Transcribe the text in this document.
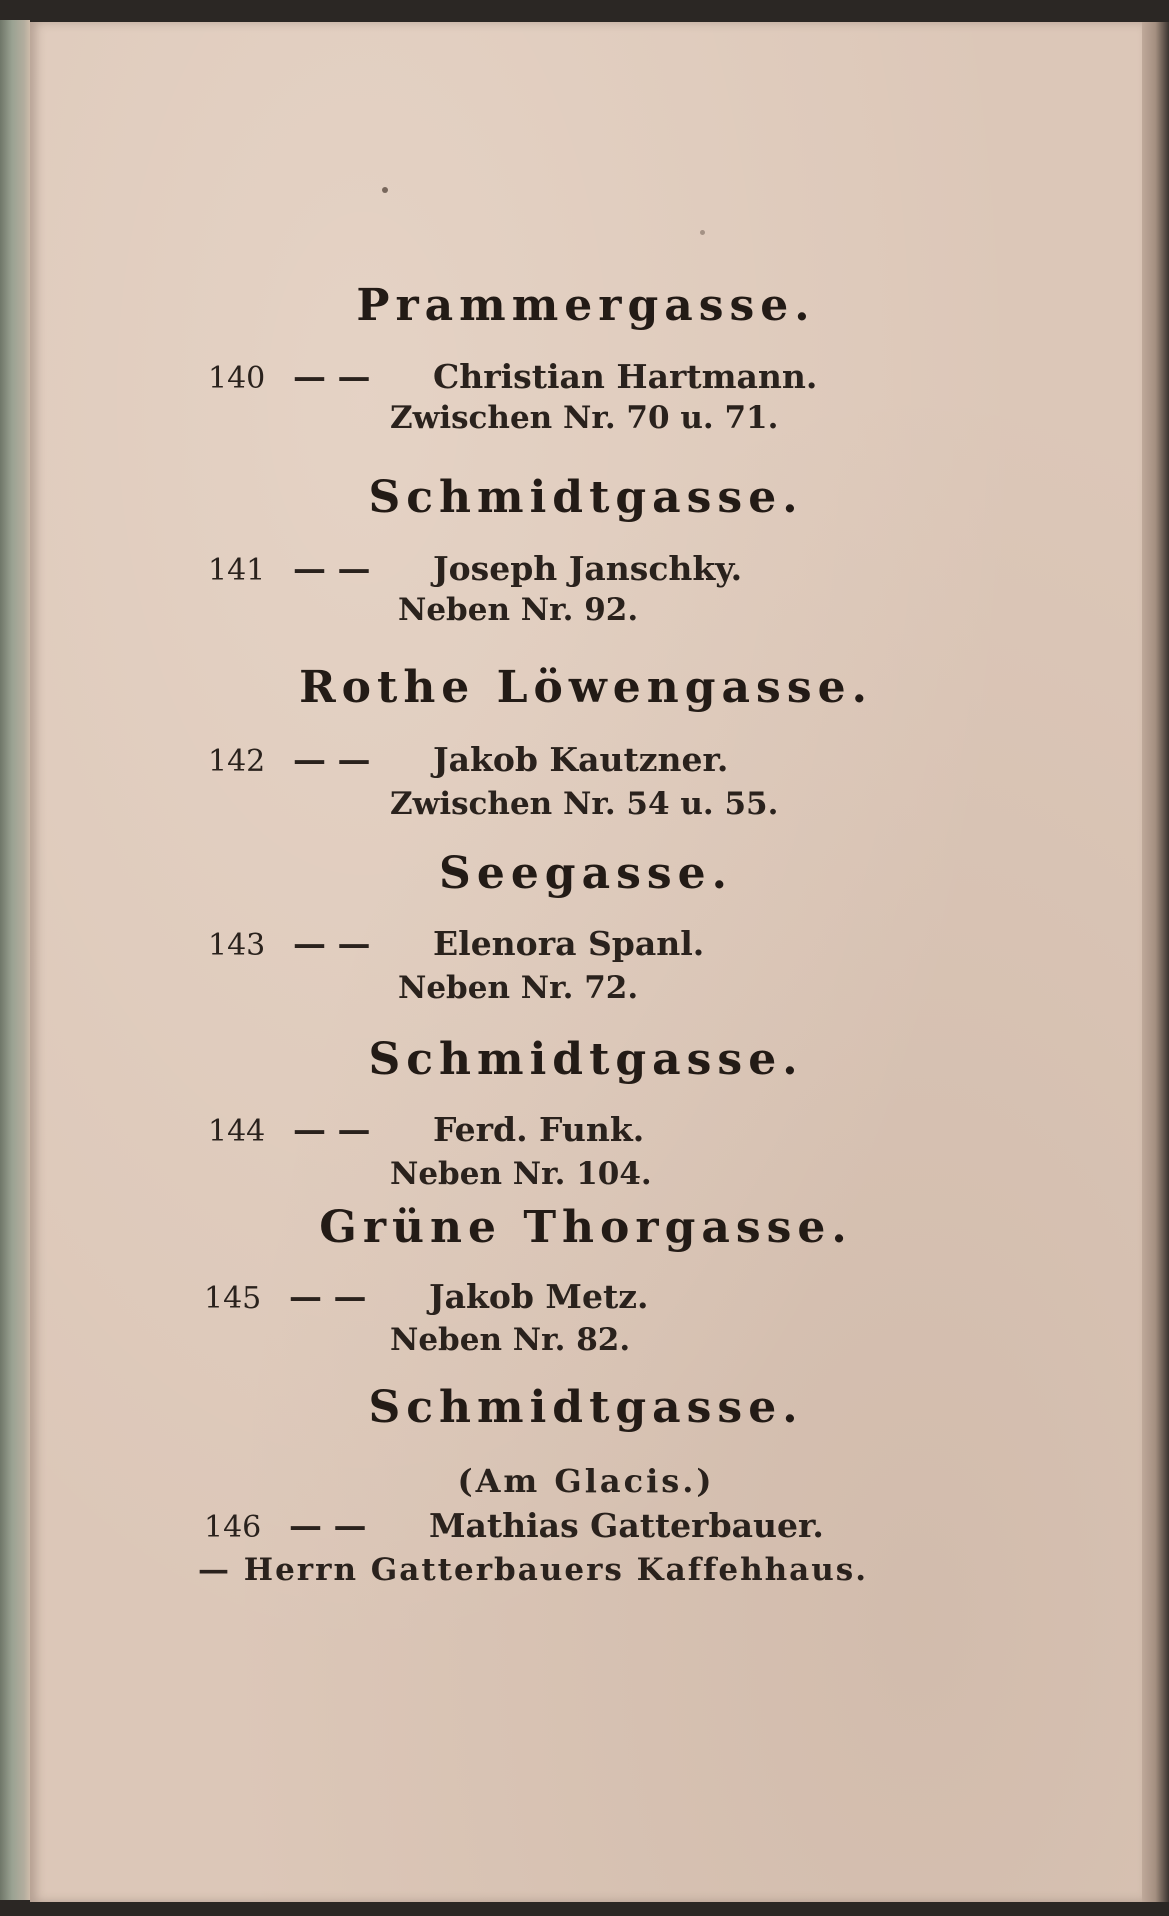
Prammergasse.
140 — — Christian Hartmann.
Zwischen Nr. 70 u. 71.
Schmidtgasse.
141 — — Joseph Janschky.
Neben Nr. 92.
Rothe Löwengasse.
142 — — Jakob Kautzner.
Zwischen Nr. 54 u. 55.
Seegasse.
143 — — Elenora Spanl.
Neben Nr. 72.
Schmidtgasse.
144 — — Ferd. Funk.
Neben Nr. 104.
Grüne Thorgasse.
145 — — Jakob Metz.
Neben Nr. 82.
Schmidtgasse.
(Am Glacis.)
146 — — Mathias Gatterbauer.
— Herrn Gatterbauers Kaffehhaus.
